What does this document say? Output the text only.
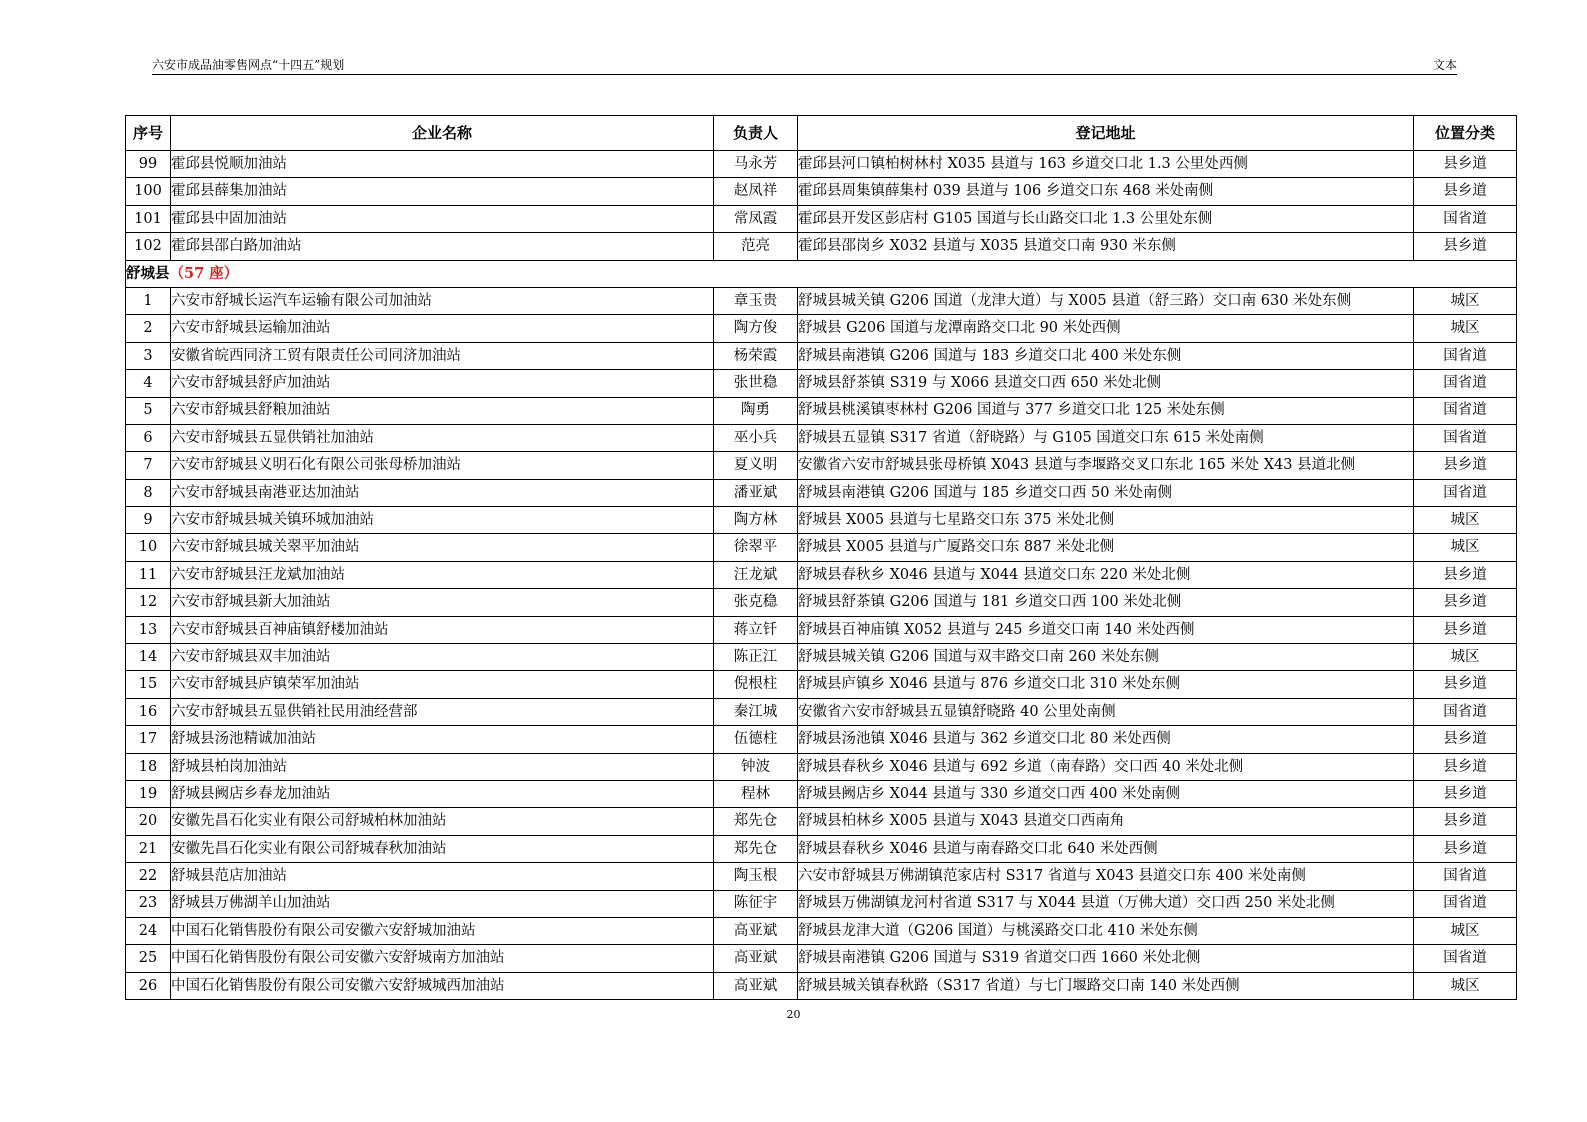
六安市成品油零售网点“十四五”规划	文本
序号	企业名称	负责人	登记地址	位置分类
99	霍邱县悦顺加油站	马永芳	霍邱县河口镇柏树林村 X035 县道与 163 乡道交口北 1.3 公里处西侧	县乡道
100	霍邱县薛集加油站	赵凤祥	霍邱县周集镇薛集村 039 县道与 106 乡道交口东 468 米处南侧	县乡道
101	霍邱县中固加油站	常凤霞	霍邱县开发区彭店村 G105 国道与长山路交口北 1.3 公里处东侧	国省道
102	霍邱县邵白路加油站	范亮	霍邱县邵岗乡 X032 县道与 X035 县道交口南 930 米东侧	县乡道
舒城县（57 座）				
1	六安市舒城长运汽车运输有限公司加油站	章玉贵	舒城县城关镇 G206 国道（龙津大道）与 X005 县道（舒三路）交口南 630 米处东侧	城区
2	六安市舒城县运输加油站	陶方俊	舒城县 G206 国道与龙潭南路交口北 90 米处西侧	城区
3	安徽省皖西同济工贸有限责任公司同济加油站	杨荣霞	舒城县南港镇 G206 国道与 183 乡道交口北 400 米处东侧	国省道
4	六安市舒城县舒庐加油站	张世稳	舒城县舒茶镇 S319 与 X066 县道交口西 650 米处北侧	国省道
5	六安市舒城县舒粮加油站	陶勇	舒城县桃溪镇枣林村 G206 国道与 377 乡道交口北 125 米处东侧	国省道
6	六安市舒城县五显供销社加油站	巫小兵	舒城县五显镇 S317 省道（舒晓路）与 G105 国道交口东 615 米处南侧	国省道
7	六安市舒城县义明石化有限公司张母桥加油站	夏义明	安徽省六安市舒城县张母桥镇 X043 县道与李堰路交叉口东北 165 米处 X43 县道北侧	县乡道
8	六安市舒城县南港亚达加油站	潘亚斌	舒城县南港镇 G206 国道与 185 乡道交口西 50 米处南侧	国省道
9	六安市舒城县城关镇环城加油站	陶方林	舒城县 X005 县道与七星路交口东 375 米处北侧	城区
10	六安市舒城县城关翠平加油站	徐翠平	舒城县 X005 县道与广厦路交口东 887 米处北侧	城区
11	六安市舒城县汪龙斌加油站	汪龙斌	舒城县春秋乡 X046 县道与 X044 县道交口东 220 米处北侧	县乡道
12	六安市舒城县新大加油站	张克稳	舒城县舒茶镇 G206 国道与 181 乡道交口西 100 米处北侧	县乡道
13	六安市舒城县百神庙镇舒楼加油站	蒋立钎	舒城县百神庙镇 X052 县道与 245 乡道交口南 140 米处西侧	县乡道
14	六安市舒城县双丰加油站	陈正江	舒城县城关镇 G206 国道与双丰路交口南 260 米处东侧	城区
15	六安市舒城县庐镇荣军加油站	倪根柱	舒城县庐镇乡 X046 县道与 876 乡道交口北 310 米处东侧	县乡道
16	六安市舒城县五显供销社民用油经营部	秦江城	安徽省六安市舒城县五显镇舒晓路 40 公里处南侧	国省道
17	舒城县汤池精诚加油站	伍德柱	舒城县汤池镇 X046 县道与 362 乡道交口北 80 米处西侧	县乡道
18	舒城县柏岗加油站	钟波	舒城县春秋乡 X046 县道与 692 乡道（南春路）交口西 40 米处北侧	县乡道
19	舒城县阙店乡春龙加油站	程林	舒城县阙店乡 X044 县道与 330 乡道交口西 400 米处南侧	县乡道
20	安徽先昌石化实业有限公司舒城柏林加油站	郑先仓	舒城县柏林乡 X005 县道与 X043 县道交口西南角	县乡道
21	安徽先昌石化实业有限公司舒城春秋加油站	郑先仓	舒城县春秋乡 X046 县道与南春路交口北 640 米处西侧	县乡道
22	舒城县范店加油站	陶玉根	六安市舒城县万佛湖镇范家店村 S317 省道与 X043 县道交口东 400 米处南侧	国省道
23	舒城县万佛湖羊山加油站	陈征宇	舒城县万佛湖镇龙河村省道 S317 与 X044 县道（万佛大道）交口西 250 米处北侧	国省道
24	中国石化销售股份有限公司安徽六安舒城加油站	高亚斌	舒城县龙津大道（G206 国道）与桃溪路交口北 410 米处东侧	城区
25	中国石化销售股份有限公司安徽六安舒城南方加油站	高亚斌	舒城县南港镇 G206 国道与 S319 省道交口西 1660 米处北侧	国省道
26	中国石化销售股份有限公司安徽六安舒城城西加油站	高亚斌	舒城县城关镇春秋路（S317 省道）与七门堰路交口南 140 米处西侧	城区
20
